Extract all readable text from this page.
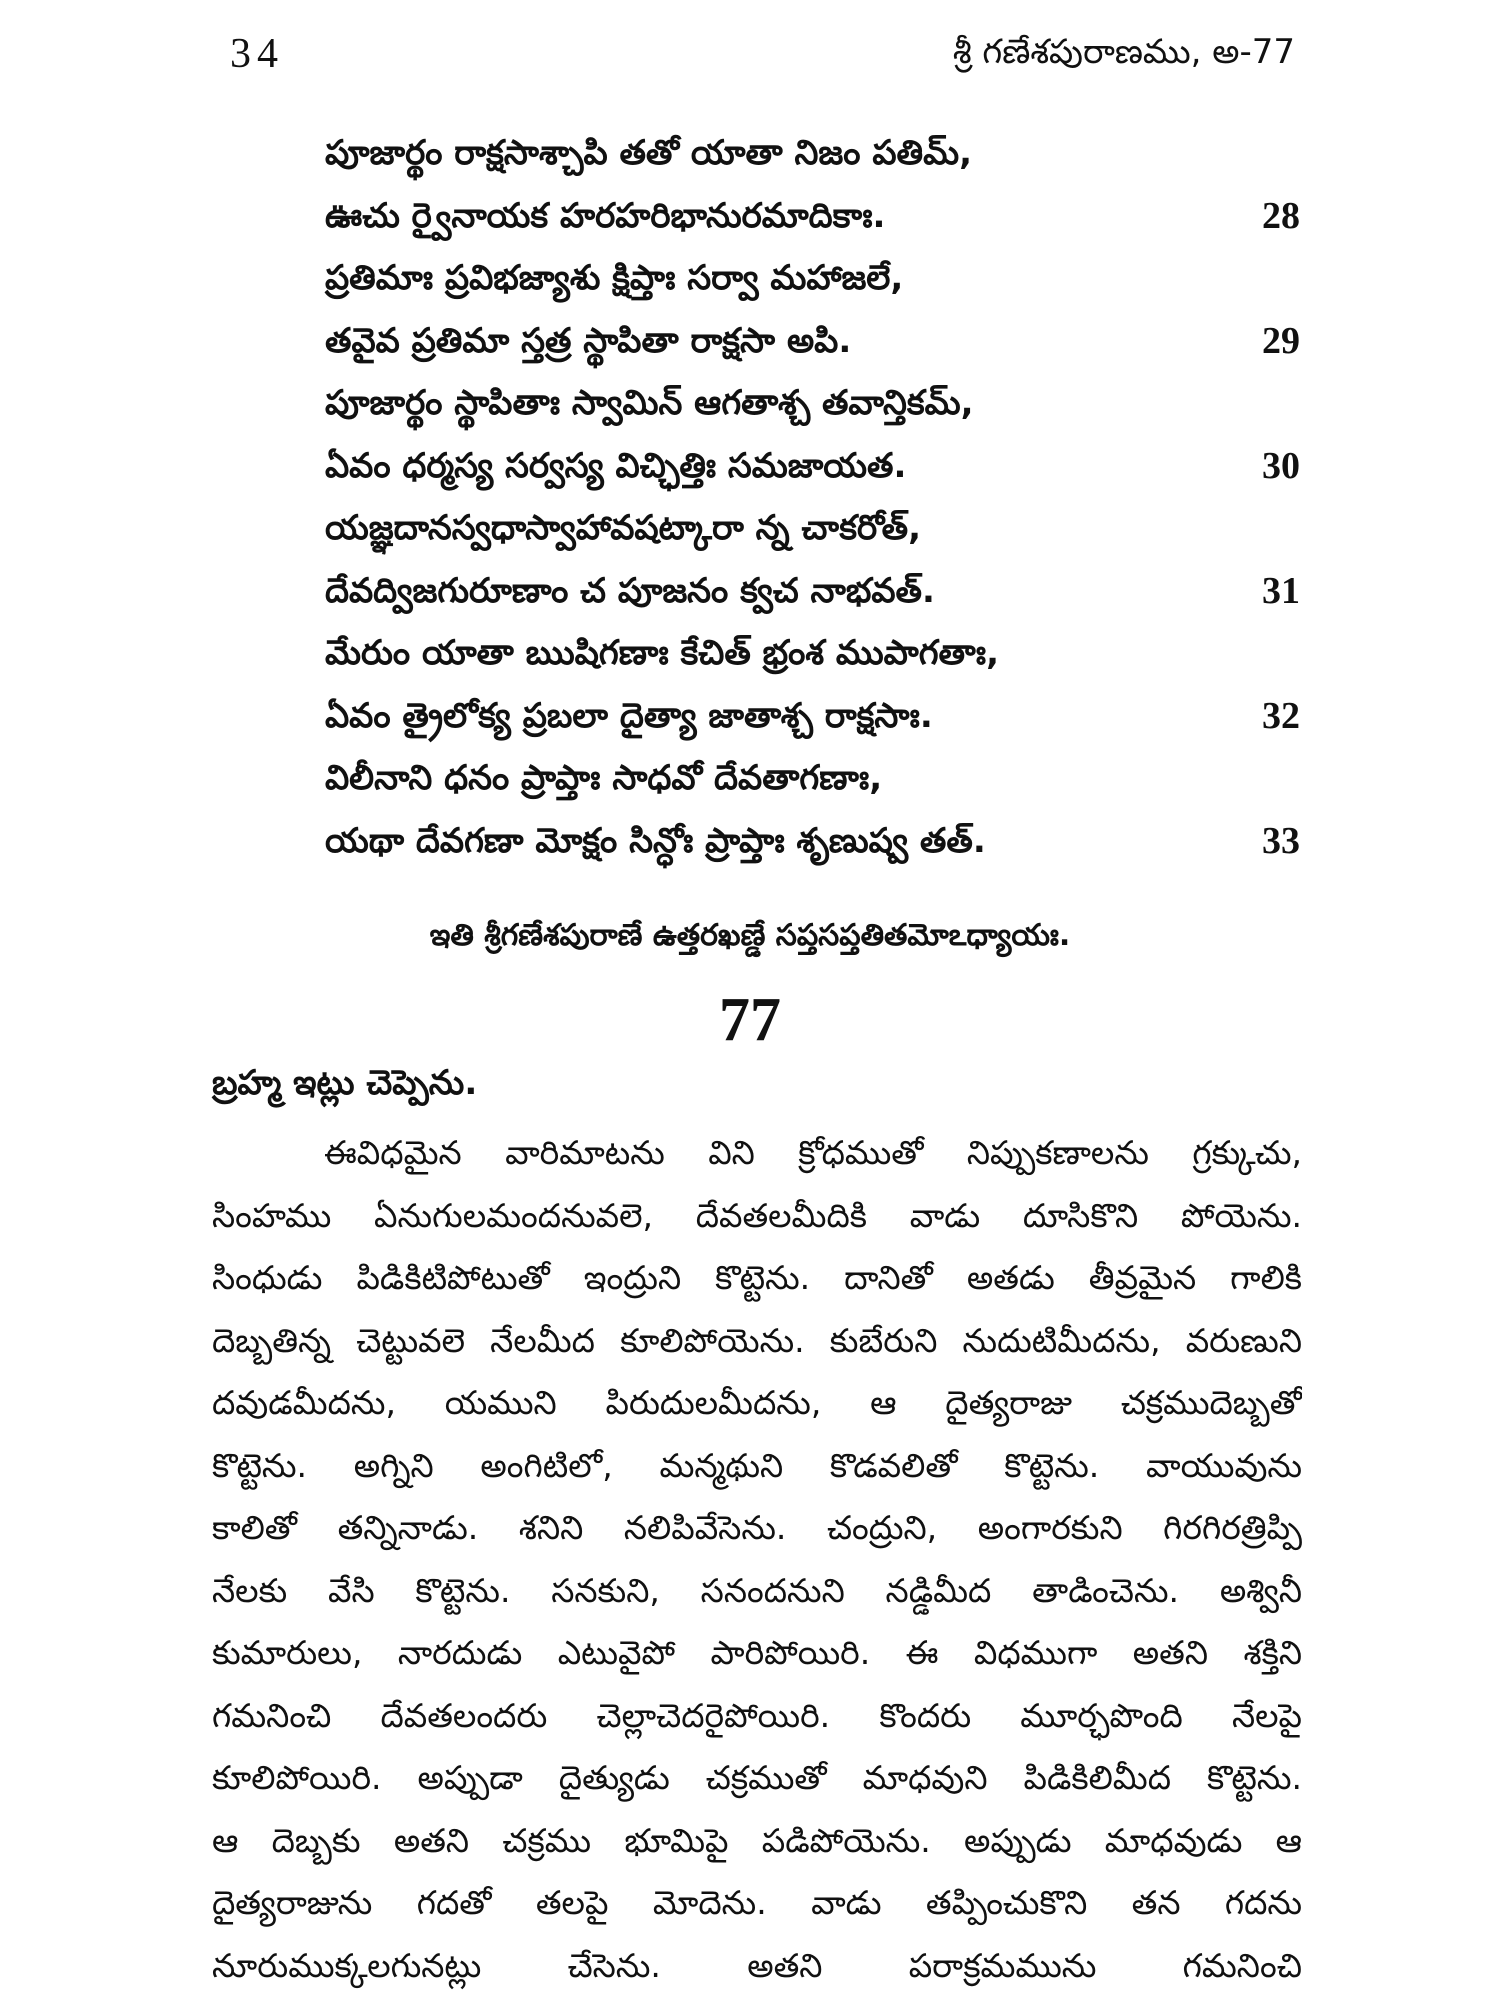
34	శ్రీ గణేశపురాణము, అ-77
పూజార్థం రాక్షసాశ్చాపి తతో యాతా నిజం పతిమ్,
ఊచు ర్వైనాయక హరహరిభానురమాదికాః.	28
ప్రతిమాః ప్రవిభజ్యాశు క్షిప్తాః సర్వా మహాజలే,
తవైవ ప్రతిమా స్తత్ర స్థాపితా రాక్షసా అపి.	29
పూజార్థం స్థాపితాః స్వామిన్ ఆగతాశ్చ తవాన్తికమ్,
ఏవం ధర్మస్య సర్వస్య విచ్ఛిత్తిః సమజాయత.	30
యజ్ఞదానస్వధాస్వాహావషట్కారా న్న చాకరోత్,
దేవద్విజగురూణాం చ పూజనం క్వచ నాభవత్.	31
మేరుం యాతా ఋషిగణాః కేచిత్ భ్రంశ ముపాగతాః,
ఏవం త్రైలోక్య ప్రబలా దైత్యా జాతాశ్చ రాక్షసాః.	32
విలీనాని ధనం ప్రాప్తాః సాధవో దేవతాగణాః,
యథా దేవగణా మోక్షం సిన్ధోః ప్రాప్తాః శృణుష్వ తత్.	33
ఇతి శ్రీగణేశపురాణే ఉత్తరఖణ్డే సప్తసప్తతితమోఽధ్యాయః.
77
బ్రహ్మ ఇట్లు చెప్పెను.
ఈవిధమైన వారిమాటను విని క్రోధముతో నిప్పుకణాలను గ్రక్కుచు,
సింహము ఏనుగులమందనువలె, దేవతలమీదికి వాడు దూసికొని పోయెను.
సింధుడు పిడికిటిపోటుతో ఇంద్రుని కొట్టెను. దానితో అతడు తీవ్రమైన గాలికి
దెబ్బతిన్న చెట్టువలె నేలమీద కూలిపోయెను. కుబేరుని నుదుటిమీదను, వరుణుని
దవుడమీదను, యముని పిరుదులమీదను, ఆ దైత్యరాజు చక్రముదెబ్బతో
కొట్టెను. అగ్నిని అంగిటిలో, మన్మథుని కొడవలితో కొట్టెను. వాయువును
కాలితో తన్నినాడు. శనిని నలిపివేసెను. చంద్రుని, అంగారకుని గిరగిరత్రిప్పి
నేలకు వేసి కొట్టెను. సనకుని, సనందనుని నడ్డిమీద తాడించెను. అశ్వినీ
కుమారులు, నారదుడు ఎటువైపో పారిపోయిరి. ఈ విధముగా అతని శక్తిని
గమనించి దేవతలందరు చెల్లాచెదరైపోయిరి. కొందరు మూర్ఛపొంది నేలపై
కూలిపోయిరి. అప్పుడా దైత్యుడు చక్రముతో మాధవుని పిడికిలిమీద కొట్టెను.
ఆ దెబ్బకు అతని చక్రము భూమిపై పడిపోయెను. అప్పుడు మాధవుడు ఆ
దైత్యరాజును గదతో తలపై మోదెను. వాడు తప్పించుకొని తన గదను
నూరుముక్కలగునట్లు చేసెను. అతని పరాక్రమమును గమనించి
